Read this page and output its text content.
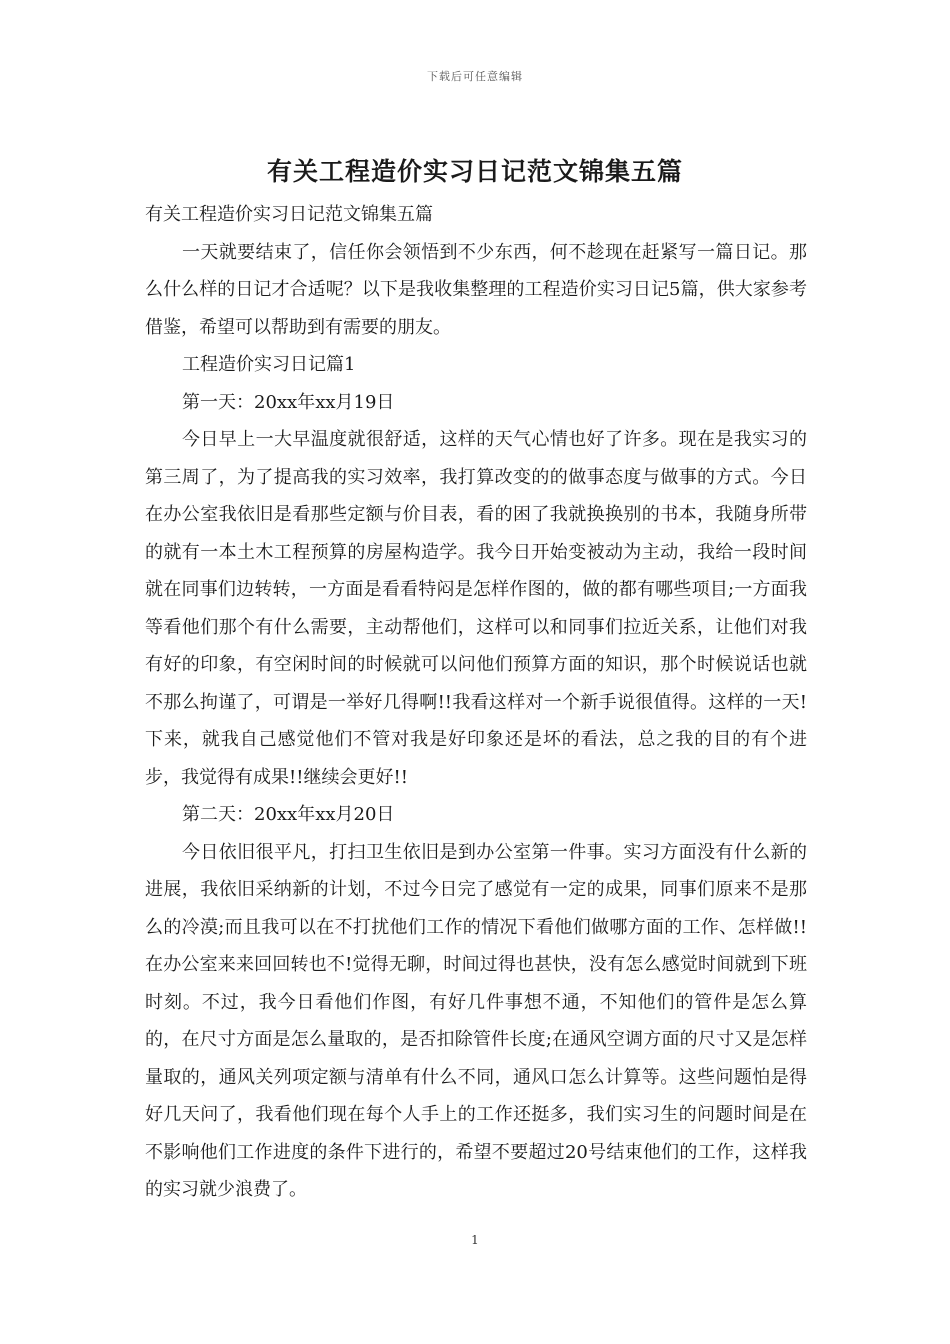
下载后可任意编辑
有关工程造价实习日记范文锦集五篇

有关工程造价实习日记范文锦集五篇

一天就要结束了，信任你会领悟到不少东西，何不趁现在赶紧写一篇日记。那么什么样的日记才合适呢？以下是我收集整理的工程造价实习日记5篇，供大家参考借鉴，希望可以帮助到有需要的朋友。

工程造价实习日记篇1

第一天：20xx年xx月19日

今日早上一大早温度就很舒适，这样的天气心情也好了许多。现在是我实习的第三周了，为了提高我的实习效率，我打算改变的的做事态度与做事的方式。今日在办公室我依旧是看那些定额与价目表，看的困了我就换换别的书本，我随身所带的就有一本土木工程预算的房屋构造学。我今日开始变被动为主动，我给一段时间就在同事们边转转，一方面是看看特闷是怎样作图的，做的都有哪些项目;一方面我等看他们那个有什么需要，主动帮他们，这样可以和同事们拉近关系，让他们对我有好的印象，有空闲时间的时候就可以问他们预算方面的知识，那个时候说话也就不那么拘谨了，可谓是一举好几得啊!!我看这样对一个新手说很值得。这样的一天!下来，就我自己感觉他们不管对我是好印象还是坏的看法，总之我的目的有个进步，我觉得有成果!!继续会更好!!

第二天：20xx年xx月20日

今日依旧很平凡，打扫卫生依旧是到办公室第一件事。实习方面没有什么新的进展，我依旧采纳新的计划，不过今日完了感觉有一定的成果，同事们原来不是那么的冷漠;而且我可以在不打扰他们工作的情况下看他们做哪方面的工作、怎样做!!在办公室来来回回转也不!觉得无聊，时间过得也甚快，没有怎么感觉时间就到下班时刻。不过，我今日看他们作图，有好几件事想不通，不知他们的管件是怎么算的，在尺寸方面是怎么量取的，是否扣除管件长度;在通风空调方面的尺寸又是怎样量取的，通风关列项定额与清单有什么不同，通风口怎么计算等。这些问题怕是得好几天问了，我看他们现在每个人手上的工作还挺多，我们实习生的问题时间是在不影响他们工作进度的条件下进行的，希望不要超过20号结束他们的工作，这样我的实习就少浪费了。

1
